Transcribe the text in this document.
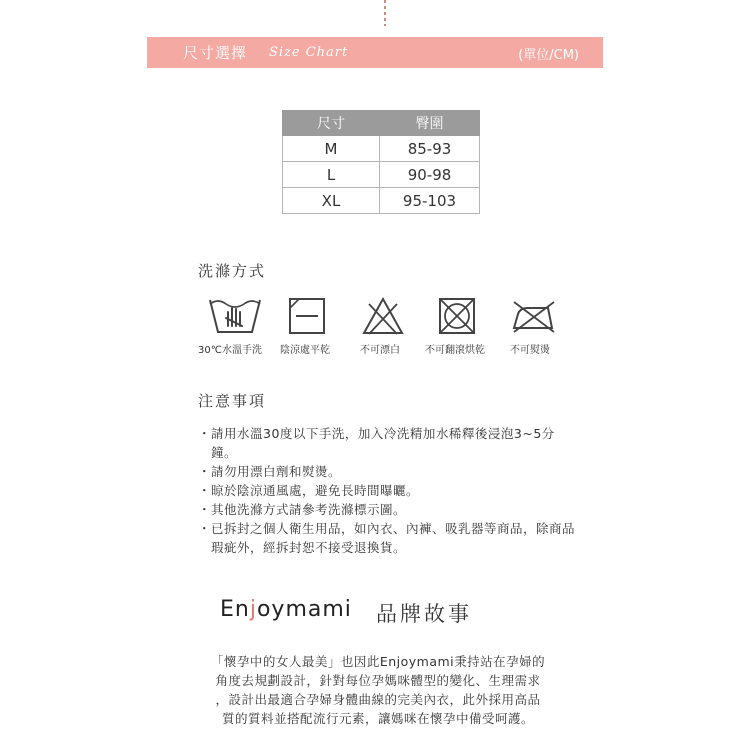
尺寸選擇 Size Chart	(單位/CM)
尺寸	臀圍
M	85-93
L	90-98
XL	95-103
洗滌方式
30℃水溫手洗 陰涼處平乾	不可漂白	不可翻滾烘乾	不可熨燙
注意事項
・ 請用水溫30度以下手洗，加入冷洗精加水稀釋後浸泡3~5分鐘。
・ 請勿用漂白劑和熨燙。
・ 晾於陰涼通風處，避免長時間曝曬。
・ 其他洗滌方式請參考洗滌標示圖。
・ 已拆封之個人衛生用品，如內衣、內褲、吸乳器等商品，除商品瑕疵外，經拆封恕不接受退換貨。
Enjoymami 品牌故事

「懷孕中的女人最美」也因此Enjoymami秉持站在孕婦的

角度去規劃設計，針對每位孕媽咪體型的變化、生理需求

，設計出最適合孕婦身體曲線的完美內衣，此外採用高品

質的質料並搭配流行元素，讓媽咪在懷孕中備受呵護。
